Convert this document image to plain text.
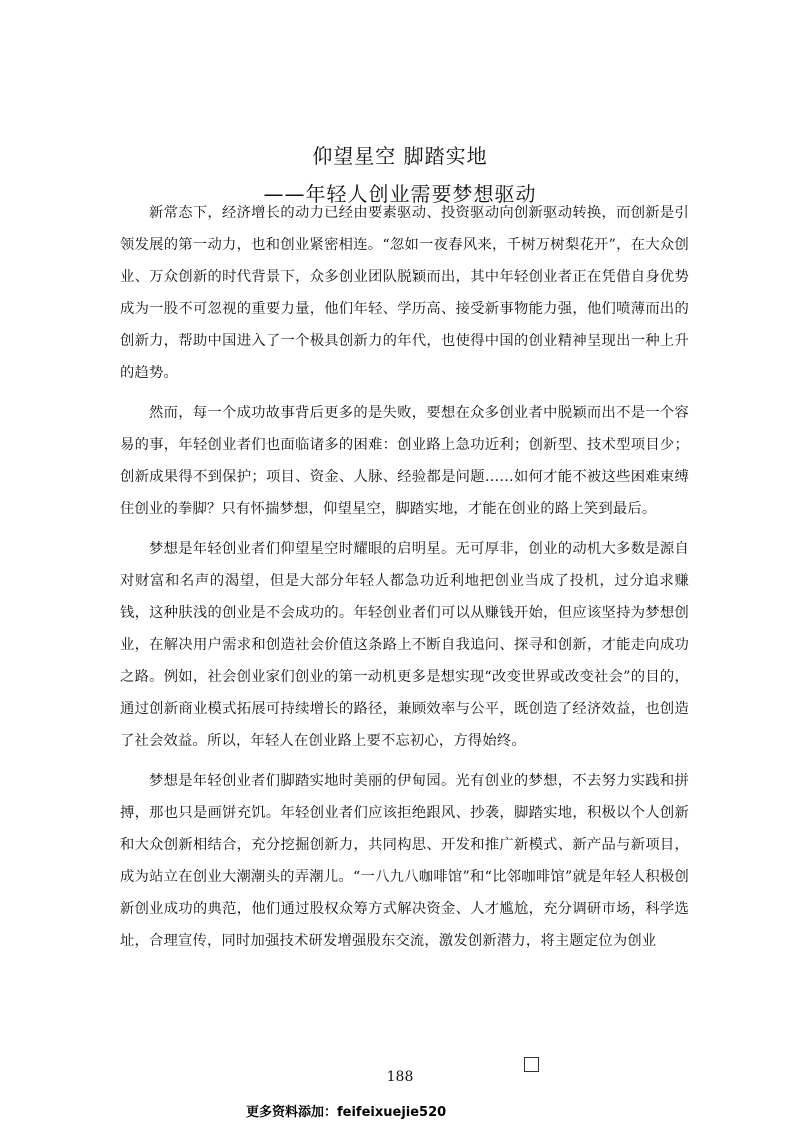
仰望星空 脚踏实地
——年轻人创业需要梦想驱动

新常态下，经济增长的动力已经由要素驱动、投资驱动向创新驱动转换，而创新是引领发展的第一动力，也和创业紧密相连。“忽如一夜春风来，千树万树梨花开”，在大众创业、万众创新的时代背景下，众多创业团队脱颖而出，其中年轻创业者正在凭借自身优势成为一股不可忽视的重要力量，他们年轻、学历高、接受新事物能力强，他们喷薄而出的创新力，帮助中国进入了一个极具创新力的年代，也使得中国的创业精神呈现出一种上升的趋势。

然而，每一个成功故事背后更多的是失败，要想在众多创业者中脱颖而出不是一个容易的事，年轻创业者们也面临诸多的困难：创业路上急功近利；创新型、技术型项目少；创新成果得不到保护；项目、资金、人脉、经验都是问题……如何才能不被这些困难束缚住创业的拳脚？只有怀揣梦想，仰望星空，脚踏实地，才能在创业的路上笑到最后。

梦想是年轻创业者们仰望星空时耀眼的启明星。无可厚非，创业的动机大多数是源自对财富和名声的渴望，但是大部分年轻人都急功近利地把创业当成了投机，过分追求赚钱，这种肤浅的创业是不会成功的。年轻创业者们可以从赚钱开始，但应该坚持为梦想创业，在解决用户需求和创造社会价值这条路上不断自我追问、探寻和创新，才能走向成功之路。例如，社会创业家们创业的第一动机更多是想实现“改变世界或改变社会”的目的，通过创新商业模式拓展可持续增长的路径，兼顾效率与公平，既创造了经济效益，也创造了社会效益。所以，年轻人在创业路上要不忘初心，方得始终。

梦想是年轻创业者们脚踏实地时美丽的伊甸园。光有创业的梦想，不去努力实践和拼搏，那也只是画饼充饥。年轻创业者们应该拒绝跟风、抄袭，脚踏实地，积极以个人创新和大众创新相结合，充分挖掘创新力，共同构思、开发和推广新模式、新产品与新项目，成为站立在创业大潮潮头的弄潮儿。“一八九八咖啡馆”和“比邻咖啡馆”就是年轻人积极创新创业成功的典范，他们通过股权众筹方式解决资金、人才尴尬，充分调研市场，科学选址，合理宣传，同时加强技术研发增强股东交流，激发创新潜力，将主题定位为创业

188
更多资料添加：feifeixuejie520
